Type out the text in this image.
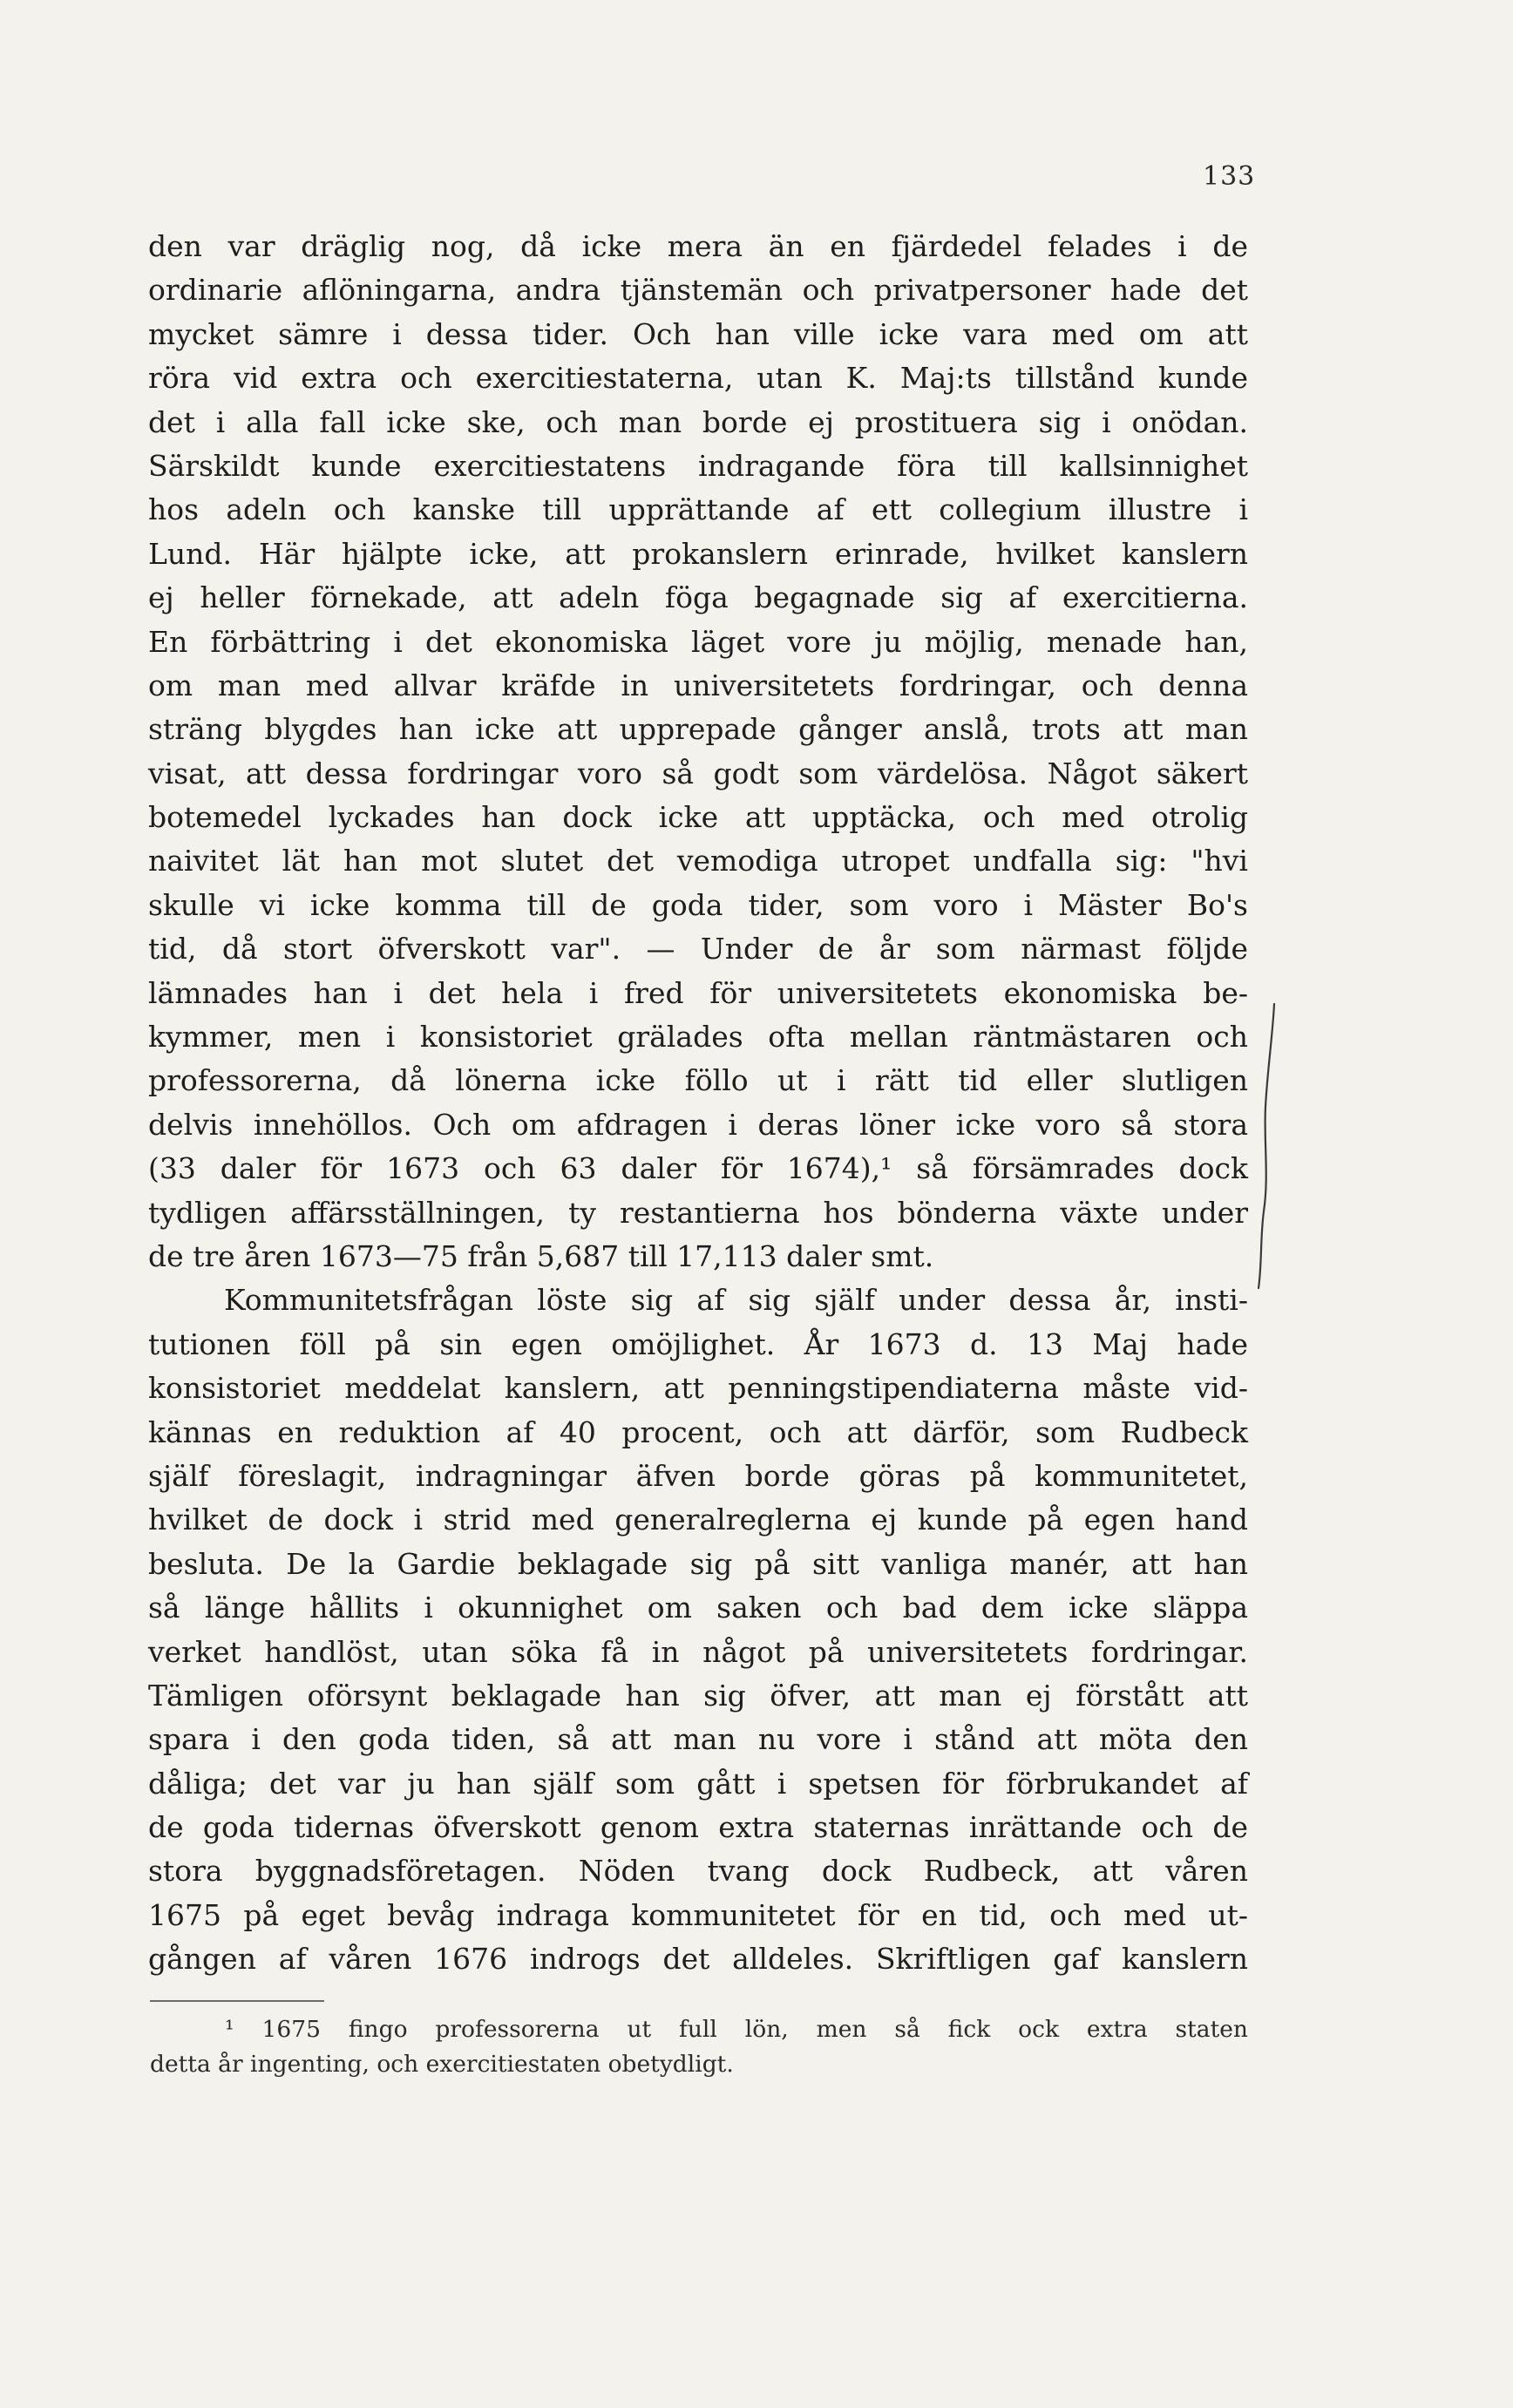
133
den var dräglig nog, då icke mera än en fjärdedel felades i de
ordinarie aflöningarna, andra tjänstemän och privatpersoner hade det
mycket sämre i dessa tider. Och han ville icke vara med om att
röra vid extra och exercitiestaterna, utan K. Maj:ts tillstånd kunde
det i alla fall icke ske, och man borde ej prostituera sig i onödan.
Särskildt kunde exercitiestatens indragande föra till kallsinnighet
hos adeln och kanske till upprättande af ett collegium illustre i
Lund. Här hjälpte icke, att prokanslern erinrade, hvilket kanslern
ej heller förnekade, att adeln föga begagnade sig af exercitierna.
En förbättring i det ekonomiska läget vore ju möjlig, menade han,
om man med allvar kräfde in universitetets fordringar, och denna
sträng blygdes han icke att upprepade gånger anslå, trots att man
visat, att dessa fordringar voro så godt som värdelösa. Något säkert
botemedel lyckades han dock icke att upptäcka, och med otrolig
naivitet lät han mot slutet det vemodiga utropet undfalla sig: "hvi
skulle vi icke komma till de goda tider, som voro i Mäster Bo's
tid, då stort öfverskott var". — Under de år som närmast följde
lämnades han i det hela i fred för universitetets ekonomiska be-
kymmer, men i konsistoriet grälades ofta mellan räntmästaren och
professorerna, då lönerna icke föllo ut i rätt tid eller slutligen
delvis innehöllos. Och om afdragen i deras löner icke voro så stora
(33 daler för 1673 och 63 daler för 1674),¹ så försämrades dock
tydligen affärsställningen, ty restantierna hos bönderna växte under
de tre åren 1673—75 från 5,687 till 17,113 daler smt.
Kommunitetsfrågan löste sig af sig själf under dessa år, insti-
tutionen föll på sin egen omöjlighet. År 1673 d. 13 Maj hade
konsistoriet meddelat kanslern, att penningstipendiaterna måste vid-
kännas en reduktion af 40 procent, och att därför, som Rudbeck
själf föreslagit, indragningar äfven borde göras på kommunitetet,
hvilket de dock i strid med generalreglerna ej kunde på egen hand
besluta. De la Gardie beklagade sig på sitt vanliga manér, att han
så länge hållits i okunnighet om saken och bad dem icke släppa
verket handlöst, utan söka få in något på universitetets fordringar.
Tämligen oförsynt beklagade han sig öfver, att man ej förstått att
spara i den goda tiden, så att man nu vore i stånd att möta den
dåliga; det var ju han själf som gått i spetsen för förbrukandet af
de goda tidernas öfverskott genom extra staternas inrättande och de
stora byggnadsföretagen. Nöden tvang dock Rudbeck, att våren
1675 på eget bevåg indraga kommunitetet för en tid, och med ut-
gången af våren 1676 indrogs det alldeles. Skriftligen gaf kanslern
¹ 1675 fingo professorerna ut full lön, men så fick ock extra staten
detta år ingenting, och exercitiestaten obetydligt.
